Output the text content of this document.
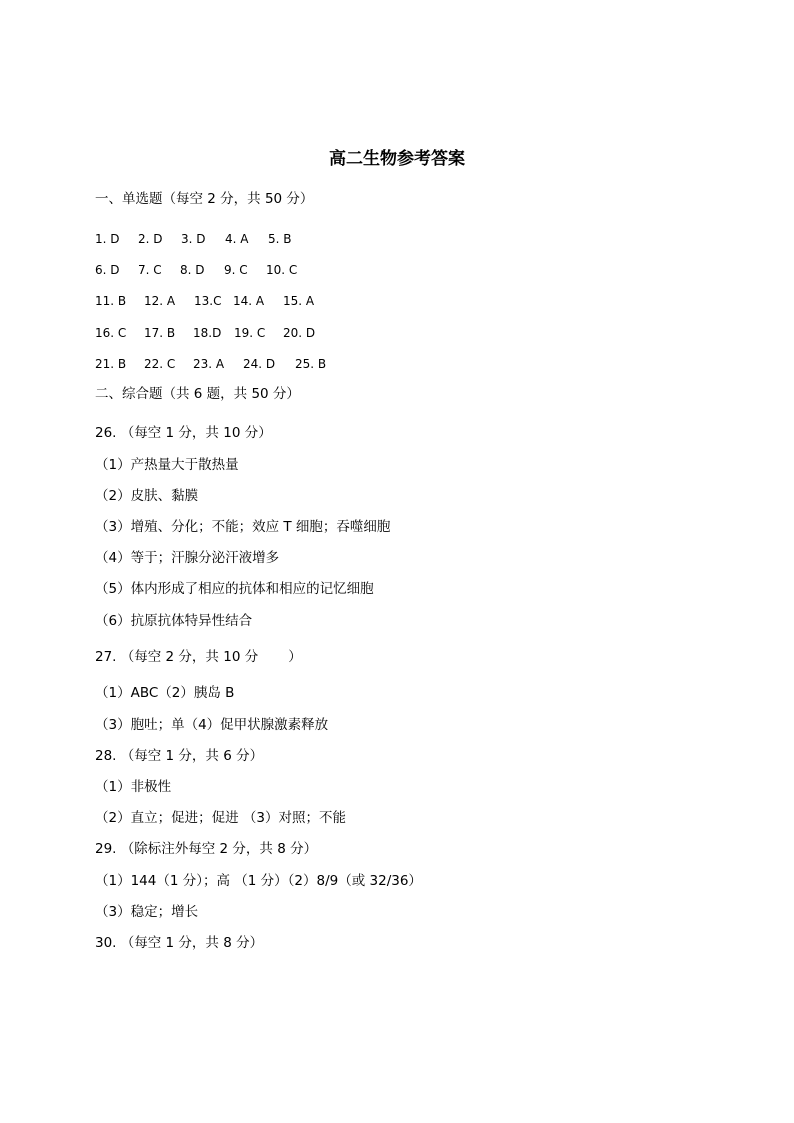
高二生物参考答案
一、单选题（每空 2 分，共 50 分）
1. D 2. D 3. D 4. A 5. B
6. D 7. C 8. D 9. C 10. C
11. B 12. A 13.C 14. A 15. A
16. C 17. B 18.D 19. C 20. D
21. B 22. C 23. A 24. D 25. B
二、综合题（共 6 题，共 50 分）
26. （每空 1 分，共 10 分）
（1）产热量大于散热量
（2）皮肤、黏膜
（3）增殖、分化；不能；效应 T 细胞；吞噬细胞
（4）等于；汗腺分泌汗液增多
（5）体内形成了相应的抗体和相应的记忆细胞
（6）抗原抗体特异性结合
27. （每空 2 分，共 10 分       ）
（1）ABC（2）胰岛 B
（3）胞吐；单（4）促甲状腺激素释放
28. （每空 1 分，共 6 分）
（1）非极性
（2）直立；促进；促进 （3）对照；不能
29. （除标注外每空 2 分，共 8 分）
（1）144（1 分）；高 （1 分）（2）8/9（或 32/36）
（3）稳定；增长
30. （每空 1 分，共 8 分）
